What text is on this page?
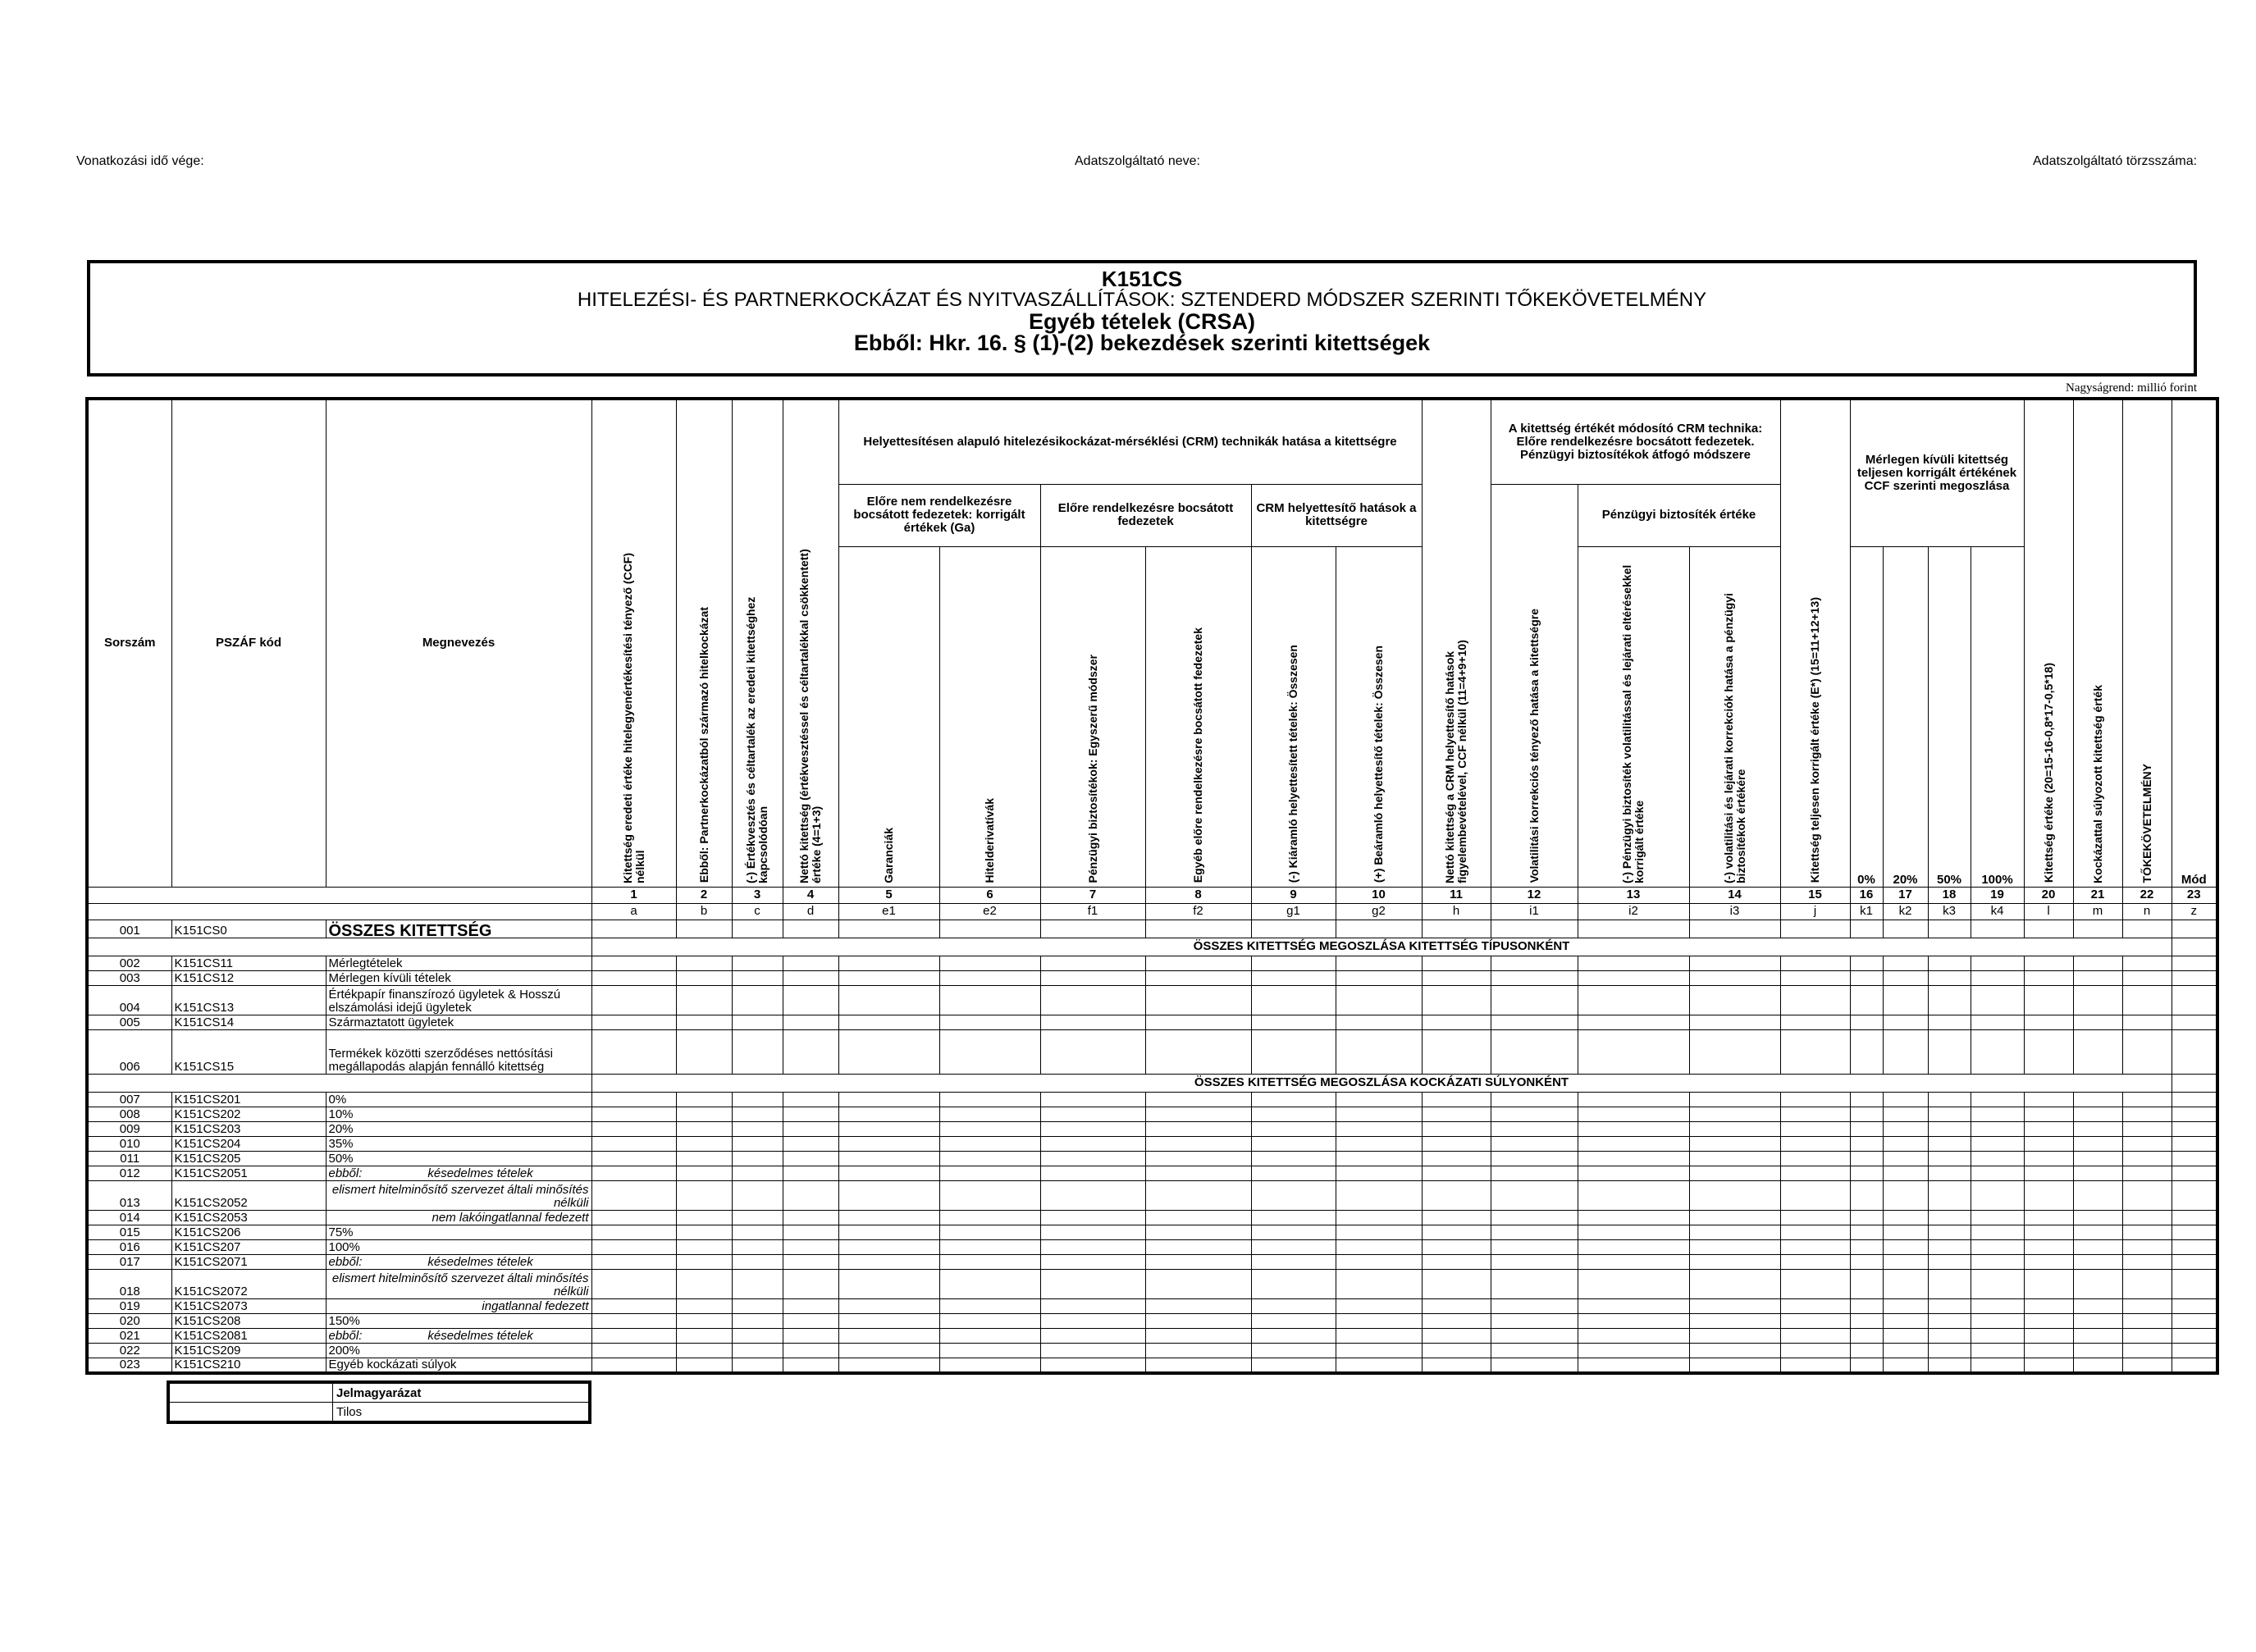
Vonatkozási idő vége:	Adatszolgáltató neve:	Adatszolgáltató törzsszáma:
K151CS
HITELEZÉSI- ÉS PARTNERKOCKÁZAT ÉS NYITVASZÁLLÍTÁSOK: SZTENDERD MÓDSZER SZERINTI TŐKEKÖVETELMÉNY
Egyéb tételek (CRSA)
Ebből: Hkr. 16. § (1)-(2) bekezdések szerinti kitettségek
Nagyságrend: millió forint
Sorszám	PSZÁF kód	Megnevezés	Kitettség eredeti értéke hitelegyenértékesítési tényező (CCF) nélkül	Ebből: Partnerkockázatból származó hitelkockázat	(-) Értékvesztés és céltartalék az eredeti kitettséghez kapcsolódóan	Nettó kitettség (értékvesztéssel és céltartalékkal csökkentett) értéke (4=1+3)	Helyettesítésen alapuló hitelezésikockázat-mérséklési (CRM) technikák hatása a kitettségre						Nettó kitettség a CRM helyettesítő hatások figyelembevételével, CCF nélkül (11=4+9+10)	A kitettség értékét módosító CRM technika: Előre rendelkezésre bocsátott fedezetek. Pénzügyi biztosítékok átfogó módszere			Kitettség teljesen korrigált értéke (E*) (15=11+12+13)	Mérlegen kívüli kitettség teljesen korrigált értékének CCF szerinti megoszlása				Kitettség értéke (20=15-16-0,8*17-0,5*18)	Kockázattal súlyozott kitettség érték	TŐKEKÖVETELMÉNY	Mód
							Előre nem rendelkezésre bocsátott fedezetek: korrigált értékek (Ga)		Előre rendelkezésre bocsátott fedezetek		CRM helyettesítő hatások a kitettségre			Volatilitási korrekciós tényező hatása a kitettségre	Pénzügyi biztosíték értéke										
							Garanciák	Hitelderivatívák	Pénzügyi biztosítékok: Egyszerű módszer	Egyéb előre rendelkezésre bocsátott fedezetek	(-) Kiáramló helyettesített tételek: Összesen	(+) Beáramló helyettesítő tételek: Összesen			(-) Pénzügyi biztosíték volatilitással és lejárati eltérésekkel korrigált értéke	(-) volatilitási és lejárati korrekciók hatása a pénzügyi biztosítékok értékére		0%	20%	50%	100%				
			1	2	3	4	5	6	7	8	9	10	11	12	13	14	15	16	17	18	19	20	21	22	23
			a	b	c	d	e1	e2	f1	f2	g1	g2	h	i1	i2	i3	j	k1	k2	k3	k4	l	m	n	z
001	K151CS0	ÖSSZES KITETTSÉG																							
			ÖSSZES KITETTSÉG MEGOSZLÁSA KITETTSÉG TÍPUSONKÉNT																						
002	K151CS11	Mérlegtételek																							
003	K151CS12	Mérlegen kívüli tételek																							
004	K151CS13	Értékpapír finanszírozó ügyletek & Hosszú elszámolási idejű ügyletek																							
005	K151CS14	Származtatott ügyletek																							
006	K151CS15	Termékek közötti szerződéses nettósítási megállapodás alapján fennálló kitettség																							
			ÖSSZES KITETTSÉG MEGOSZLÁSA KOCKÁZATI SÚLYONKÉNT																						
007	K151CS201	0%																							
008	K151CS202	10%																							
009	K151CS203	20%																							
010	K151CS204	35%																							
011	K151CS205	50%																							
012	K151CS2051	ebből: késedelmes tételek																							
013	K151CS2052	elismert hitelminősítő szervezet általi minősítés nélküli																							

014	K151CS2053	nem lakóingatlannal fedezett																							

015	K151CS206	75%																							
016	K151CS207	100%																							
017	K151CS2071	ebből: késedelmes tételek																							
018	K151CS2072	elismert hitelminősítő szervezet általi minősítés nélküli																							

019	K151CS2073	ingatlannal fedezett																							

020	K151CS208	150%																							
021	K151CS2081	ebből: késedelmes tételek																							
022	K151CS209	200%																							
023	K151CS210	Egyéb kockázati súlyok																							
	Jelmagyarázat
	Tilos
